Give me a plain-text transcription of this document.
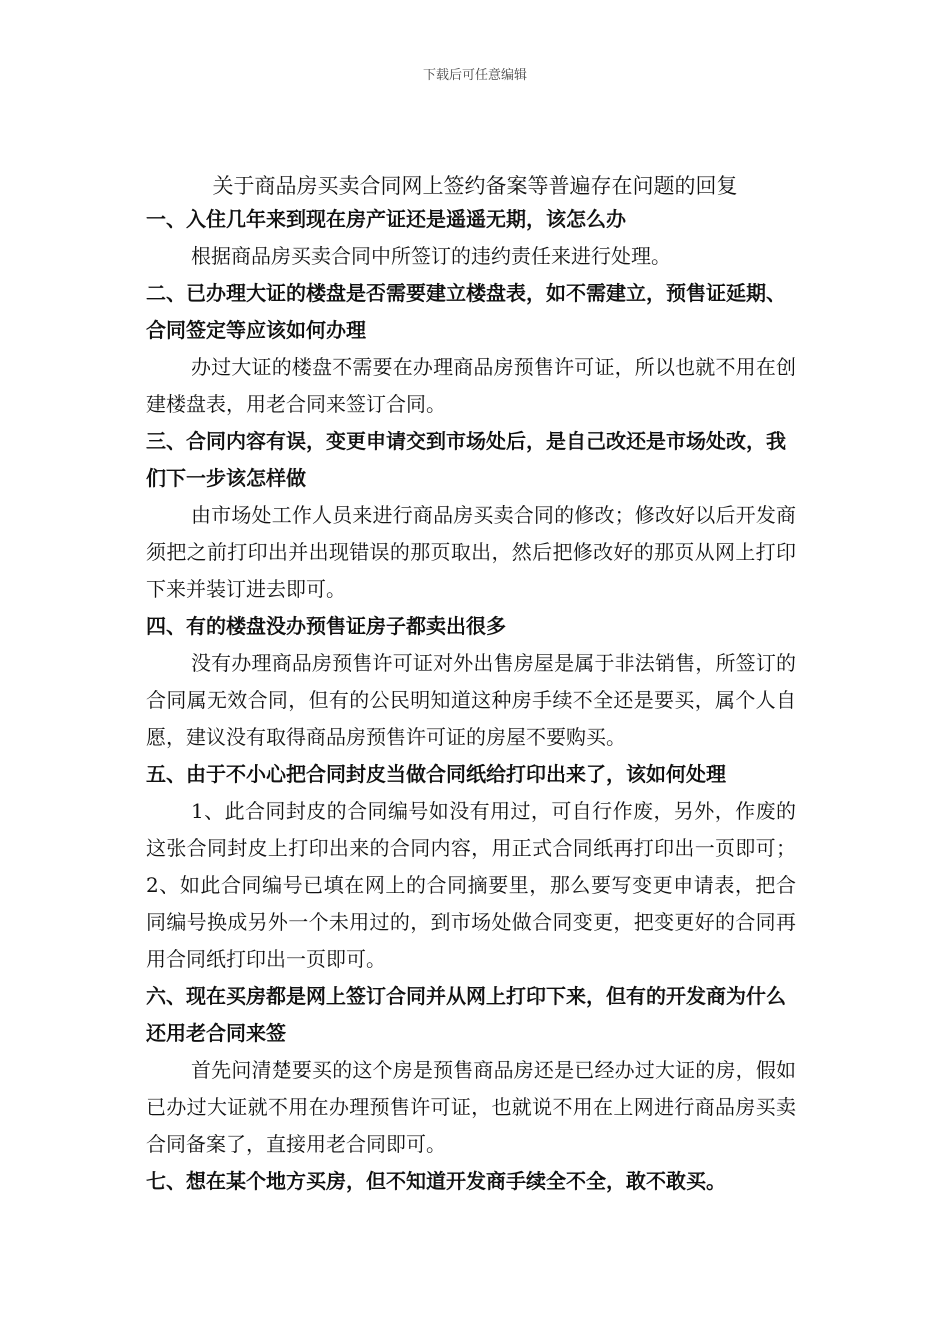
下载后可任意编辑
关于商品房买卖合同网上签约备案等普遍存在问题的回复

一、入住几年来到现在房产证还是遥遥无期，该怎么办

根据商品房买卖合同中所签订的违约责任来进行处理。

二、已办理大证的楼盘是否需要建立楼盘表，如不需建立，预售证延期、合同签定等应该如何办理

办过大证的楼盘不需要在办理商品房预售许可证，所以也就不用在创建楼盘表，用老合同来签订合同。

三、合同内容有误，变更申请交到市场处后，是自己改还是市场处改，我们下一步该怎样做

由市场处工作人员来进行商品房买卖合同的修改；修改好以后开发商须把之前打印出并出现错误的那页取出，然后把修改好的那页从网上打印下来并装订进去即可。

四、有的楼盘没办预售证房子都卖出很多

没有办理商品房预售许可证对外出售房屋是属于非法销售，所签订的合同属无效合同，但有的公民明知道这种房手续不全还是要买，属个人自愿，建议没有取得商品房预售许可证的房屋不要购买。

五、由于不小心把合同封皮当做合同纸给打印出来了，该如何处理

1、此合同封皮的合同编号如没有用过，可自行作废，另外，作废的这张合同封皮上打印出来的合同内容，用正式合同纸再打印出一页即可；2、如此合同编号已填在网上的合同摘要里，那么要写变更申请表，把合同编号换成另外一个未用过的，到市场处做合同变更，把变更好的合同再用合同纸打印出一页即可。

六、现在买房都是网上签订合同并从网上打印下来，但有的开发商为什么还用老合同来签

首先问清楚要买的这个房是预售商品房还是已经办过大证的房，假如已办过大证就不用在办理预售许可证，也就说不用在上网进行商品房买卖合同备案了，直接用老合同即可。

七、想在某个地方买房，但不知道开发商手续全不全，敢不敢买。
